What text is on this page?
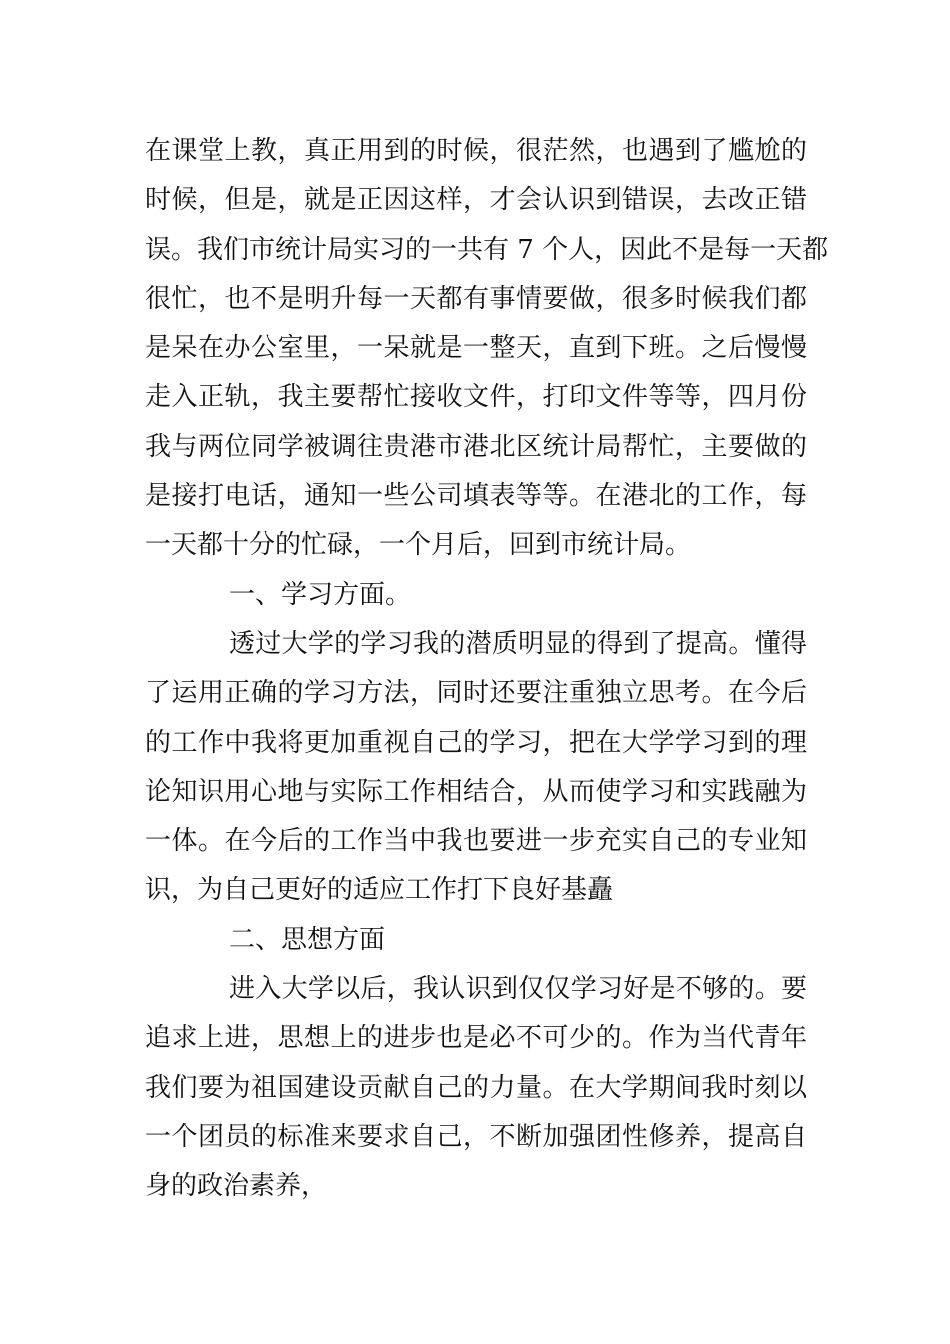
在课堂上教，真正用到的时候，很茫然，也遇到了尴尬的
时候，但是，就是正因这样，才会认识到错误，去改正错
误。我们市统计局实习的一共有 7 个人，因此不是每一天都
很忙，也不是明升每一天都有事情要做，很多时候我们都
是呆在办公室里，一呆就是一整天，直到下班。之后慢慢
走入正轨，我主要帮忙接收文件，打印文件等等，四月份
我与两位同学被调往贵港市港北区统计局帮忙，主要做的
是接打电话，通知一些公司填表等等。在港北的工作，每
一天都十分的忙碌，一个月后，回到市统计局。
一、学习方面。
透过大学的学习我的潜质明显的得到了提高。懂得
了运用正确的学习方法，同时还要注重独立思考。在今后
的工作中我将更加重视自己的学习，把在大学学习到的理
论知识用心地与实际工作相结合，从而使学习和实践融为
一体。在今后的工作当中我也要进一步充实自己的专业知
识，为自己更好的适应工作打下良好基矗
二、思想方面
进入大学以后，我认识到仅仅学习好是不够的。要
追求上进，思想上的进步也是必不可少的。作为当代青年
我们要为祖国建设贡献自己的力量。在大学期间我时刻以
一个团员的标准来要求自己，不断加强团性修养，提高自
身的政治素养，
